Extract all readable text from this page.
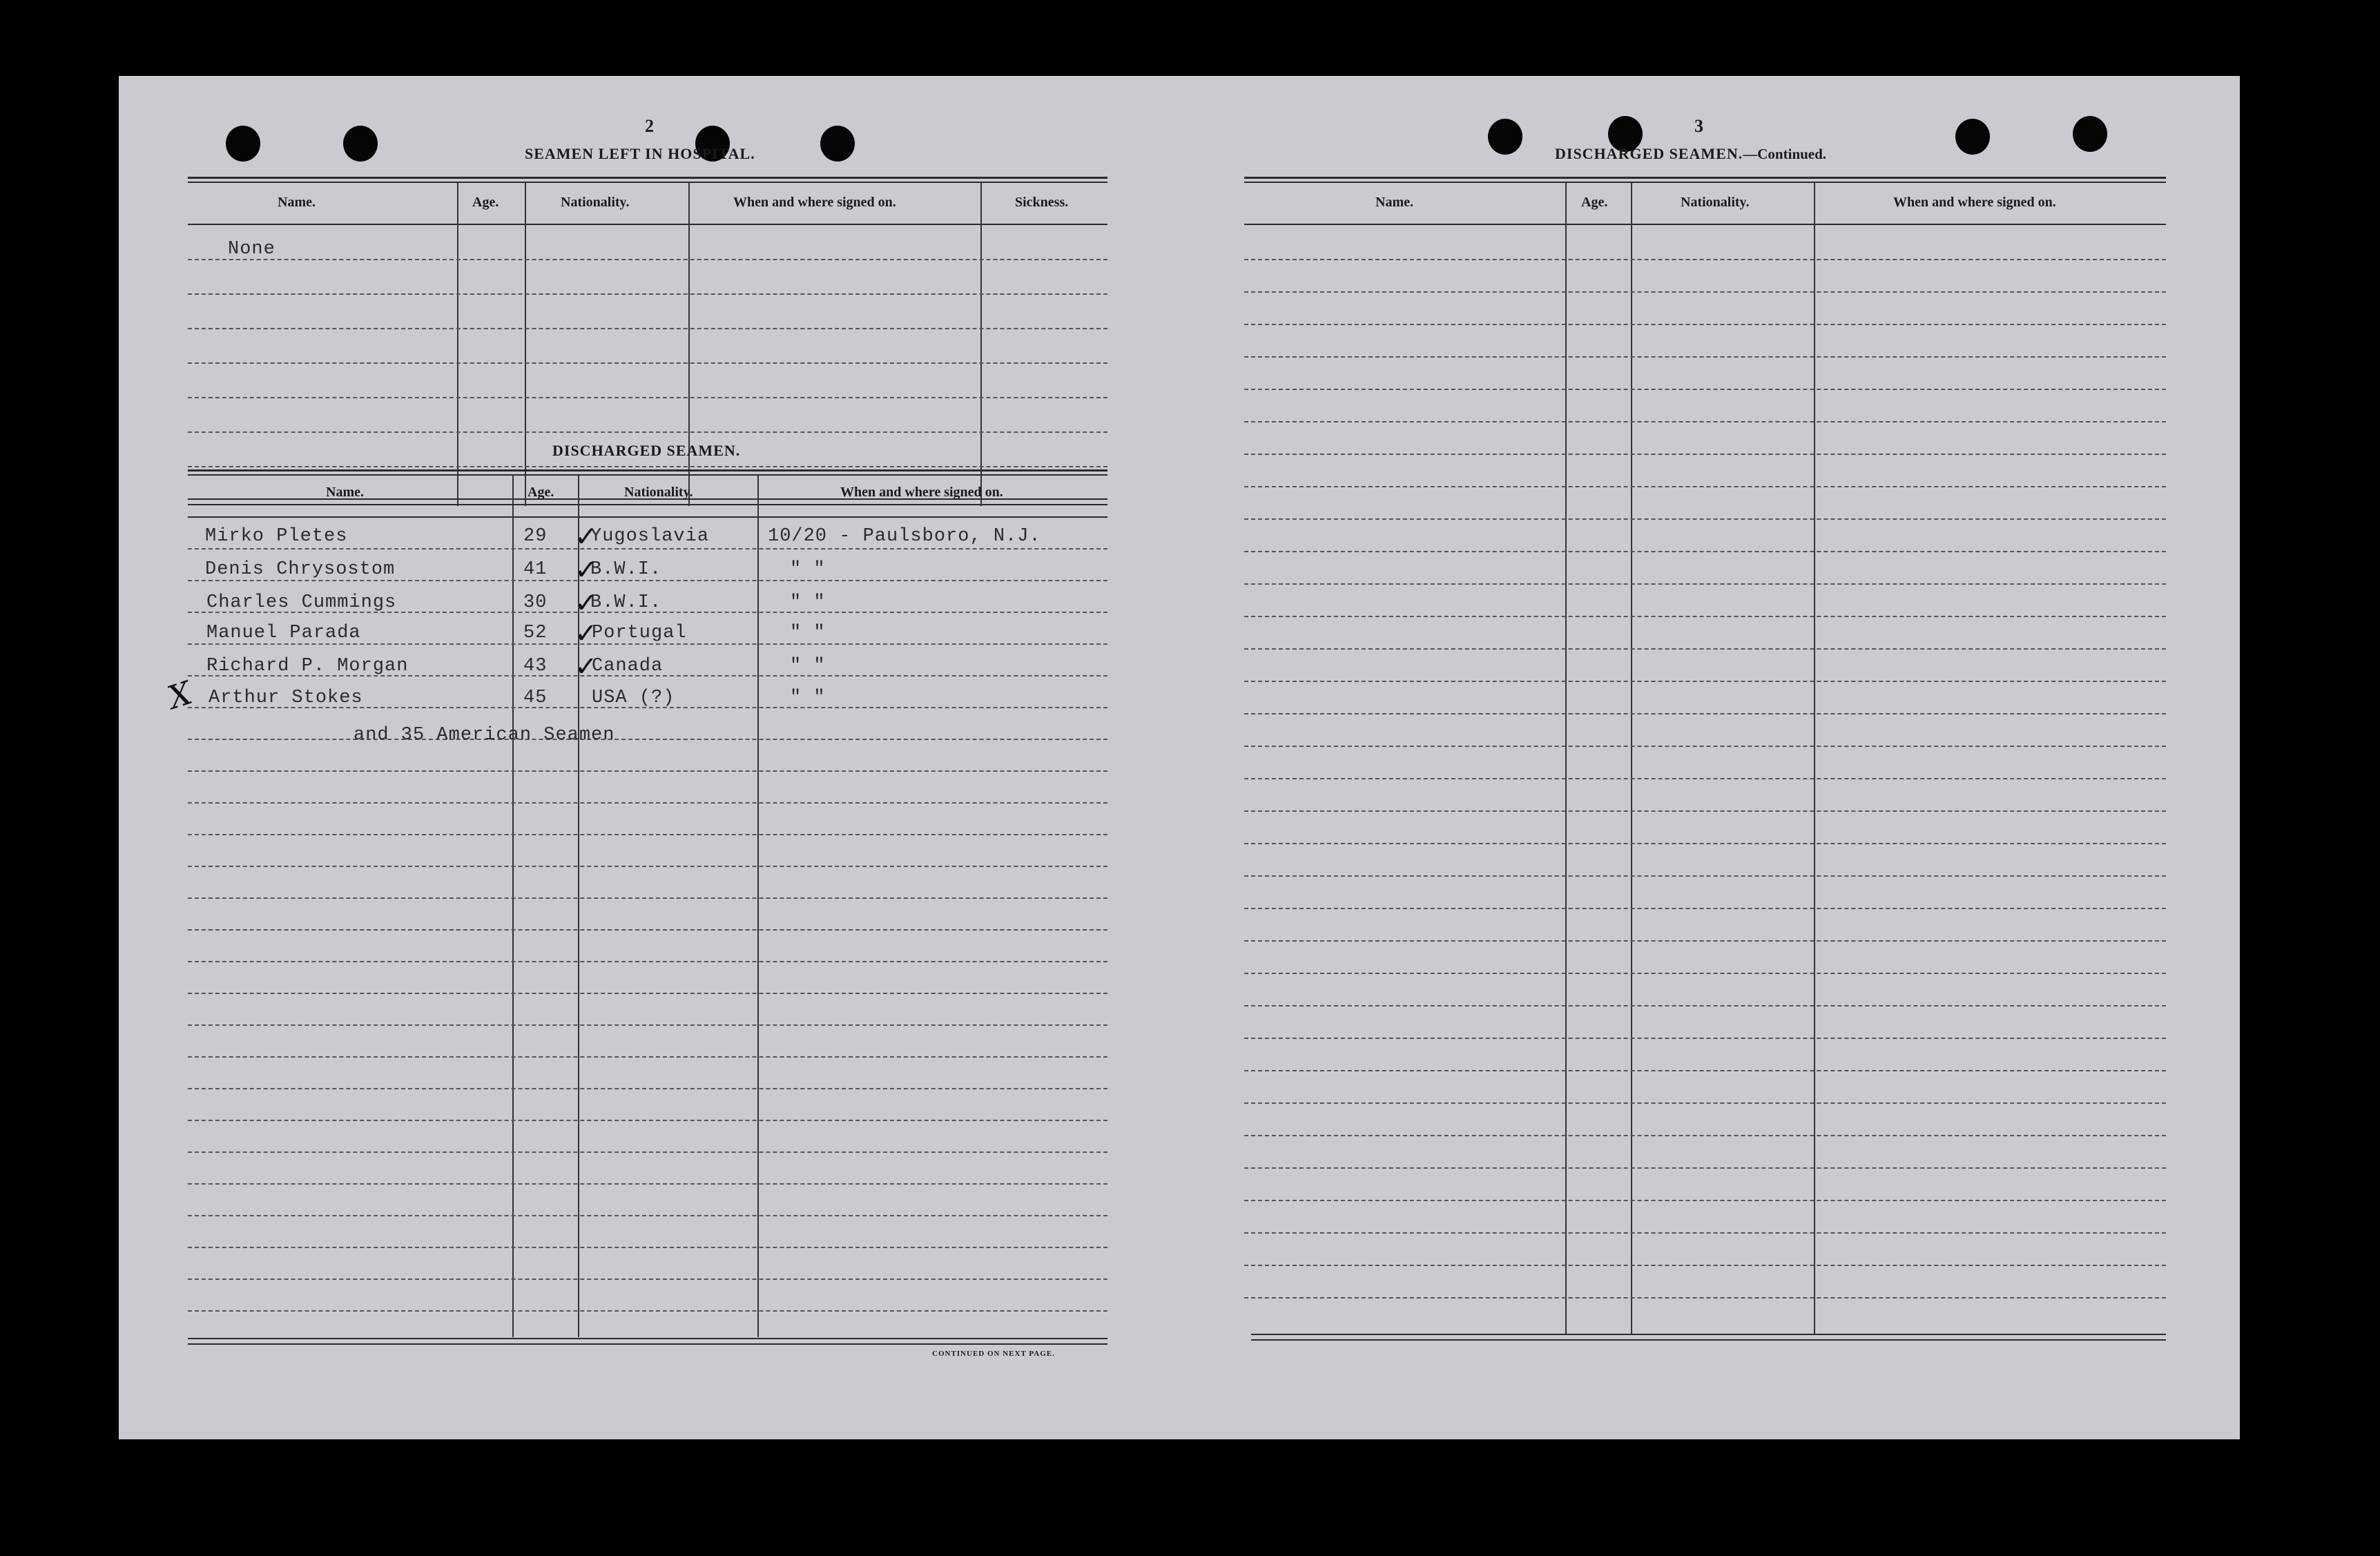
2
SEAMEN LEFT IN HOSPITAL.
Name.	Age.	Nationality.	When and where signed on.	Sickness.
None
DISCHARGED SEAMEN.
Name.	Age.	Nationality.	When and where signed on.
Mirko Pletes	29 Yugoslavia	10/20 - Paulsboro, N.J.
Denis Chrysostom	41 B.W.I.	" "
Charles Cummings	30 B.W.I.	" "
Manuel Parada	52 Portugal	" "
Richard P. Morgan	43 Canada	" "
Arthur Stokes	45 USA (?)	" "
and 35 American Seamen
✓
✓
✓
✓
✓
X
CONTINUED ON NEXT PAGE.
3
DISCHARGED SEAMEN.—Continued.
Name.	Age.	Nationality.	When and where signed on.
